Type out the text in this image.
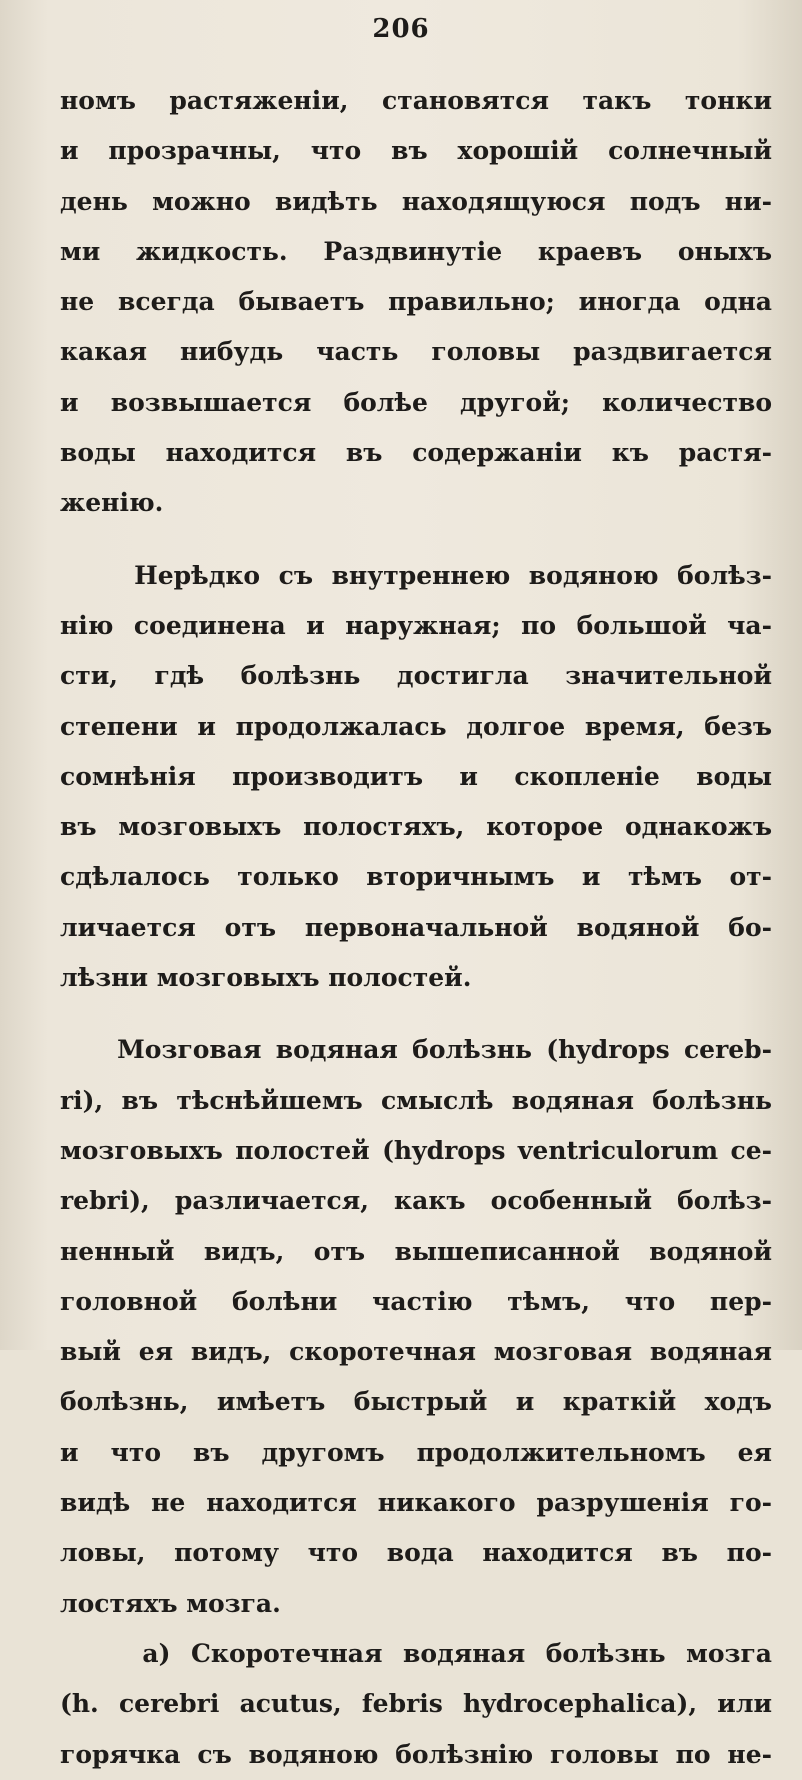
206
номъ растяженіи, становятся такъ тонки
и прозрачны, что въ хорошій солнечный
день можно видѣть находящуюся подъ ни-
ми жидкость. Раздвинутіе краевъ оныхъ
не всегда бываетъ правильно; иногда одна
какая нибудь часть головы раздвигается
и возвышается болѣе другой; количество
воды находится въ содержаніи къ растя-
женію.
Нерѣдко съ внутреннею водяною болѣз-
нію соединена и наружная; по большой ча-
сти, гдѣ болѣзнь достигла значительной
степени и продолжалась долгое время, безъ
сомнѣнія производитъ и скопленіе воды
въ мозговыхъ полостяхъ, которое однакожъ
сдѣлалось только вторичнымъ и тѣмъ от-
личается отъ первоначальной водяной бо-
лѣзни мозговыхъ полостей.
Мозговая водяная болѣзнь (hydrops cereb-
ri), въ тѣснѣйшемъ смыслѣ водяная болѣзнь
мозговыхъ полостей (hydrops ventriculorum ce-
rebri), различается, какъ особенный болѣз-
ненный видъ, отъ вышеписанной водяной
головной болѣни частію тѣмъ, что пер-
вый ея видъ, скоротечная мозговая водяная
болѣзнь, имѣетъ быстрый и краткій ходъ
и что въ другомъ продолжительномъ ея
видѣ не находится никакого разрушенія го-
ловы, потому что вода находится въ по-
лостяхъ мозга.
а) Скоротечная водяная болѣзнь мозга
(h. cerebri acutus, febris hydrocephalica), или
горячка съ водяною болѣзнію головы по не-
